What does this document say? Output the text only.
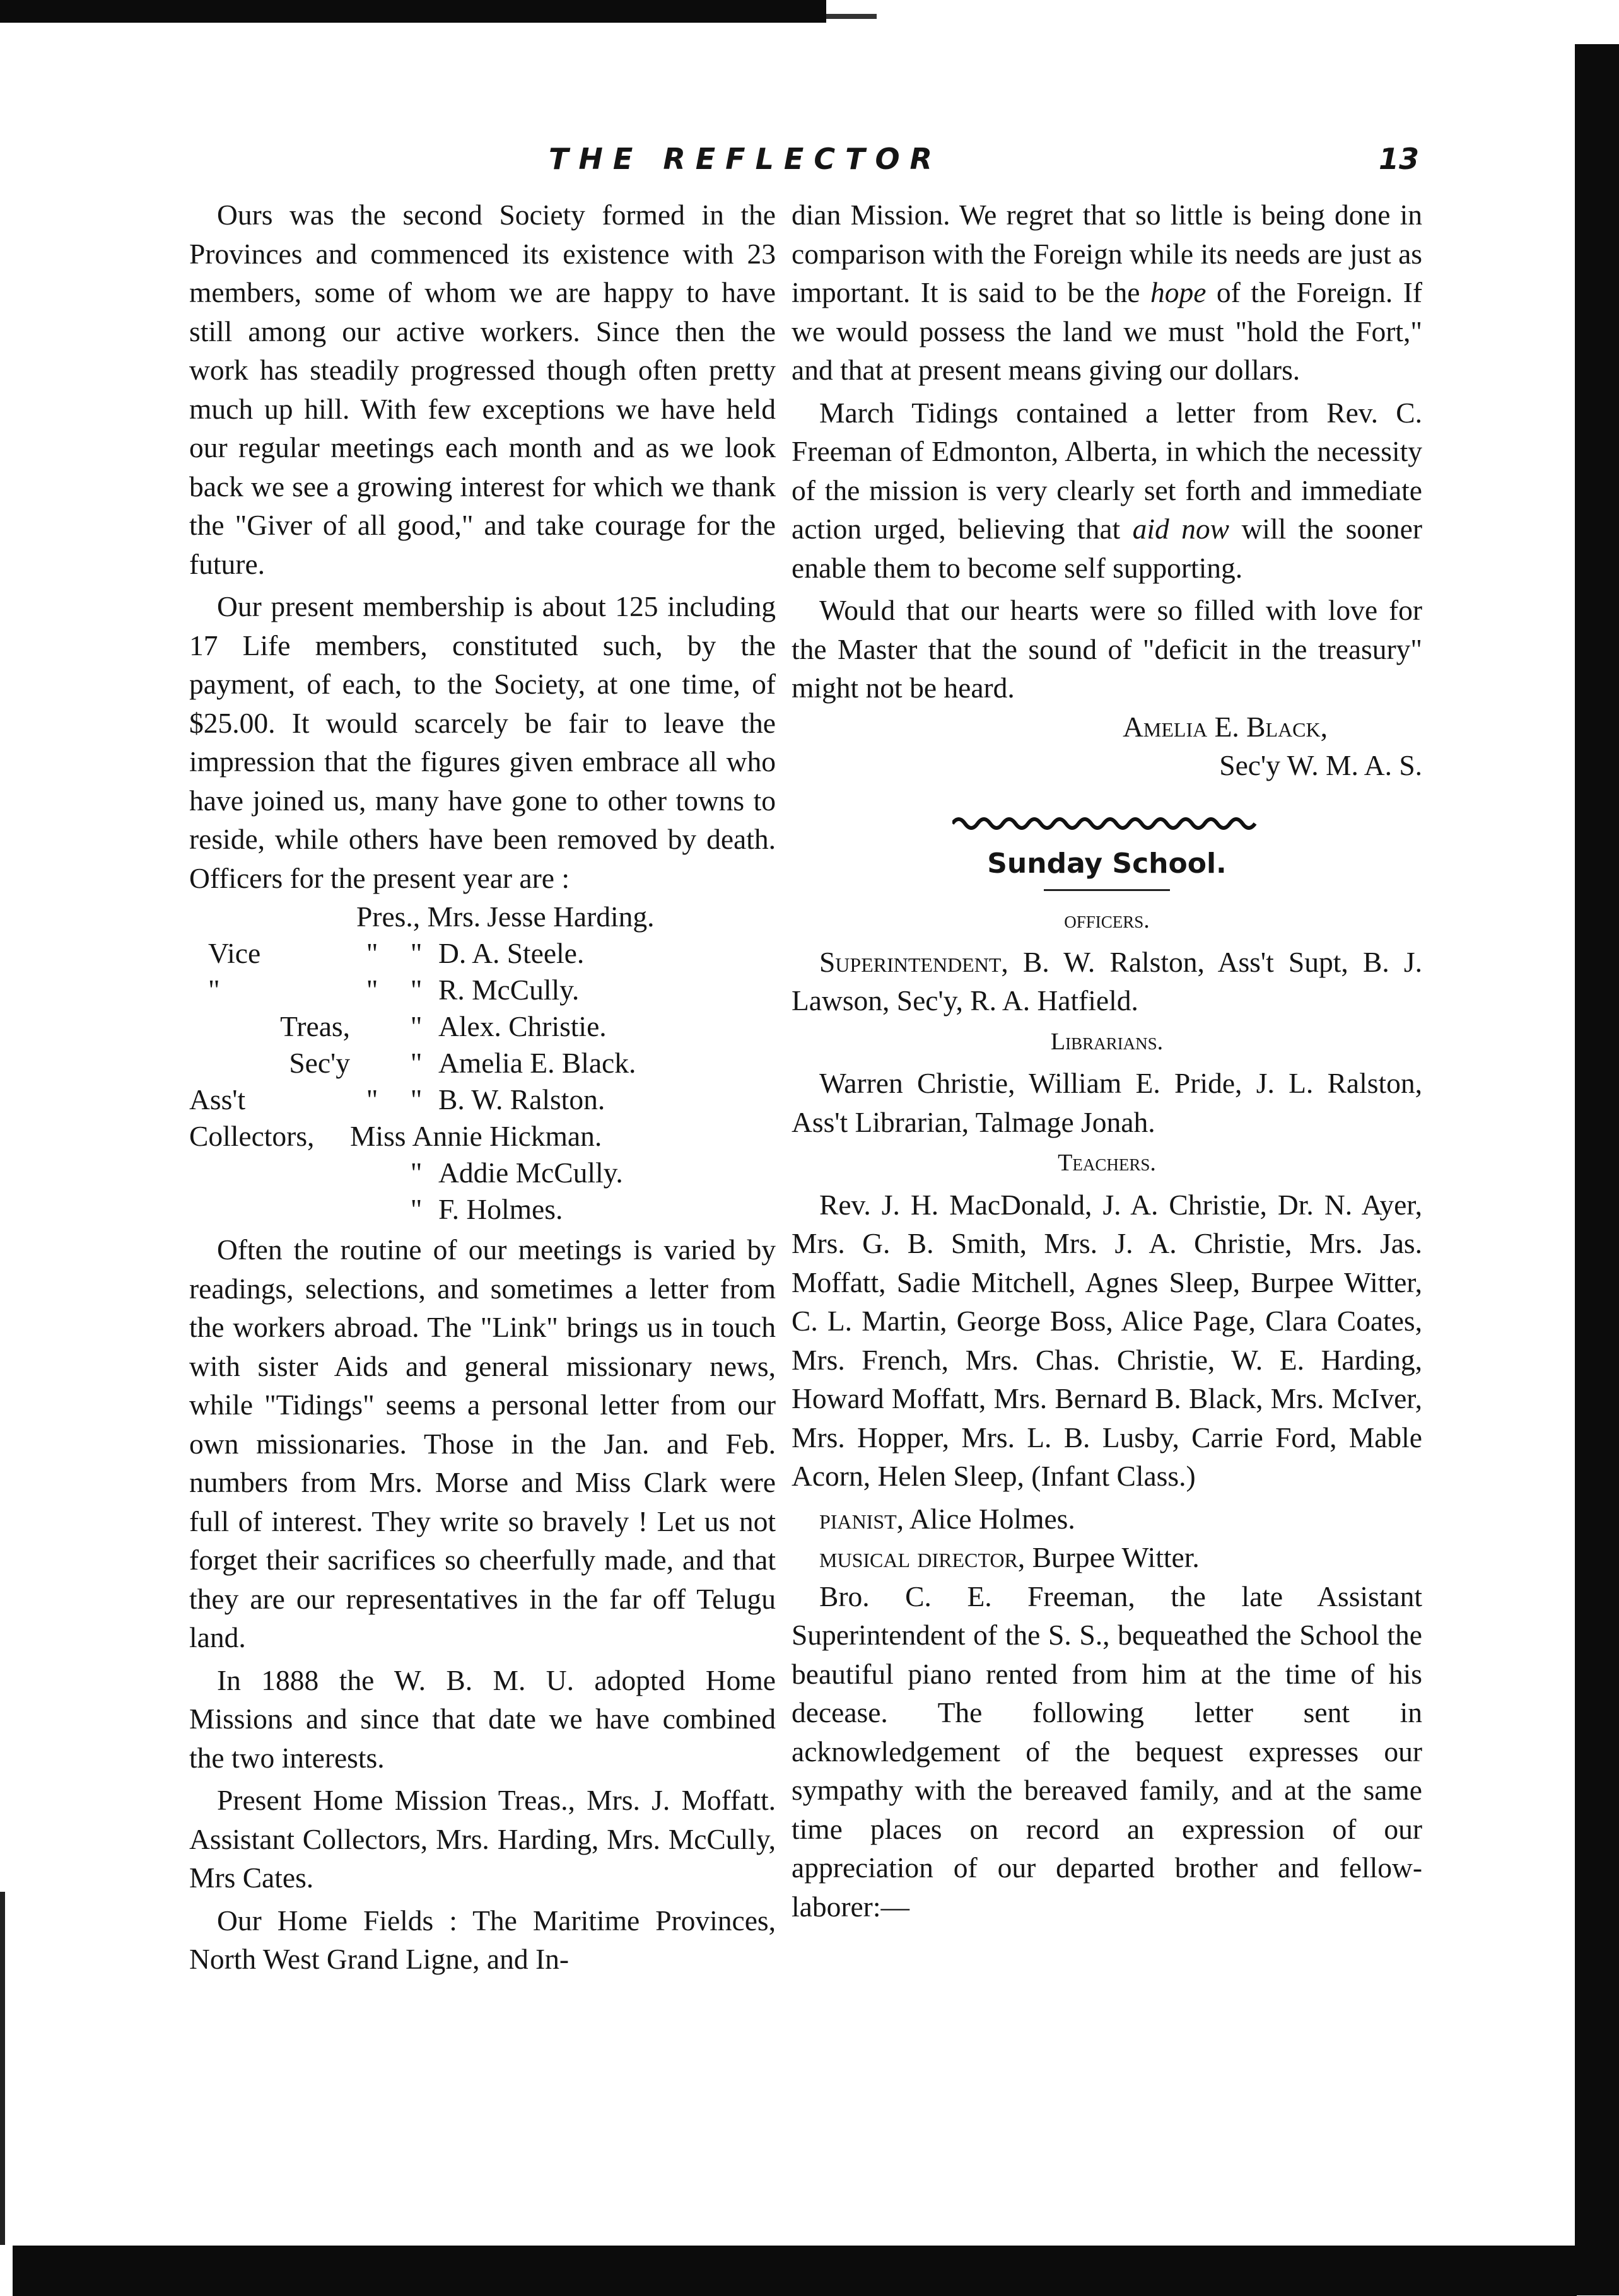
THE REFLECTOR	13

Ours was the second Society formed in the Provinces and commenced its existence with 23 members, some of whom we are happy to have still among our active workers. Since then the work has steadily progressed though often pretty much up hill. With few exceptions we have held our regular meetings each month and as we look back we see a growing interest for which we thank the "Giver of all good," and take courage for the future.

Our present membership is about 125 including 17 Life members, constituted such, by the payment, of each, to the Society, at one time, of $25.00. It would scarcely be fair to leave the impression that the figures given embrace all who have joined us, many have gone to other towns to reside, while others have been removed by death. Officers for the present year are :

Pres., Mrs. Jesse Harding.
Vice	"	" D. A. Steele.
"	"	" R. McCully.
Treas,	" Alex. Christie.
Sec'y	" Amelia E. Black.
Ass't	"	" B. W. Ralston.
Collectors,	Miss Annie Hickman.
" Addie McCully.
" F. Holmes.

Often the routine of our meetings is varied by readings, selections, and sometimes a letter from the workers abroad. The "Link" brings us in touch with sister Aids and general missionary news, while "Tidings" seems a personal letter from our own missionaries. Those in the Jan. and Feb. numbers from Mrs. Morse and Miss Clark were full of interest. They write so bravely ! Let us not forget their sacrifices so cheerfully made, and that they are our representatives in the far off Telugu land.

In 1888 the W. B. M. U. adopted Home Missions and since that date we have combined the two interests.

Present Home Mission Treas., Mrs. J. Moffatt. Assistant Collectors, Mrs. Harding, Mrs. McCully, Mrs Cates.

Our Home Fields : The Maritime Provinces, North West Grand Ligne, and In-

dian Mission. We regret that so little is being done in comparison with the Foreign while its needs are just as important. It is said to be the hope of the Foreign. If we would possess the land we must "hold the Fort," and that at present means giving our dollars.

March Tidings contained a letter from Rev. C. Freeman of Edmonton, Alberta, in which the necessity of the mission is very clearly set forth and immediate action urged, believing that aid now will the sooner enable them to become self supporting.

Would that our hearts were so filled with love for the Master that the sound of "deficit in the treasury" might not be heard.

Amelia E. Black,
Sec'y W. M. A. S.
Sunday School.
officers.

Superintendent, B. W. Ralston, Ass't Supt, B. J. Lawson, Sec'y, R. A. Hatfield.

Librarians.

Warren Christie, William E. Pride, J. L. Ralston, Ass't Librarian, Talmage Jonah.

Teachers.

Rev. J. H. MacDonald, J. A. Christie, Dr. N. Ayer, Mrs. G. B. Smith, Mrs. J. A. Christie, Mrs. Jas. Moffatt, Sadie Mitchell, Agnes Sleep, Burpee Witter, C. L. Martin, George Boss, Alice Page, Clara Coates, Mrs. French, Mrs. Chas. Christie, W. E. Harding, Howard Moffatt, Mrs. Bernard B. Black, Mrs. McIver, Mrs. Hopper, Mrs. L. B. Lusby, Carrie Ford, Mable Acorn, Helen Sleep, (Infant Class.)

pianist, Alice Holmes.

musical director, Burpee Witter.

Bro. C. E. Freeman, the late Assistant Superintendent of the S. S., bequeathed the School the beautiful piano rented from him at the time of his decease. The following letter sent in acknowledgement of the bequest expresses our sympathy with the bereaved family, and at the same time places on record an expression of our appreciation of our departed brother and fellow-laborer:—
